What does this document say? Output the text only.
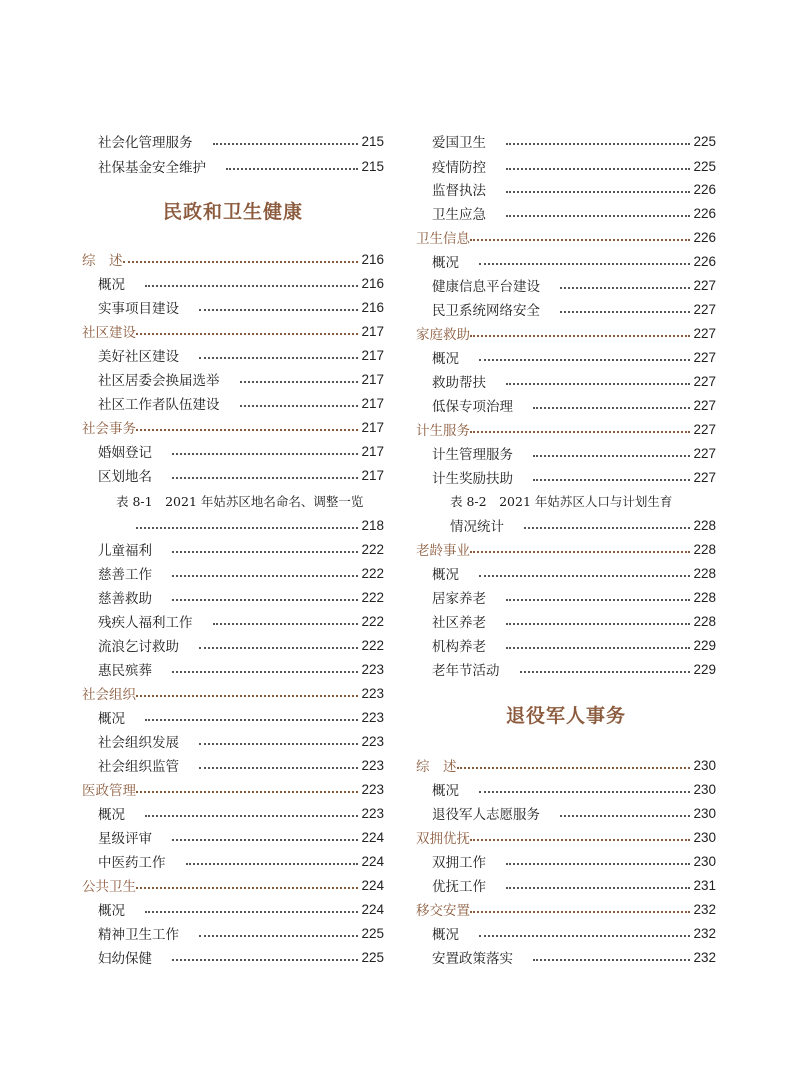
社会化管理服务	215
社保基金安全维护	215
民政和卫生健康
综　述	216
概况	216
实事项目建设	216
社区建设	217
美好社区建设	217
社区居委会换届选举	217
社区工作者队伍建设	217
社会事务	217
婚姻登记	217
区划地名	217
表 8-1　2021 年姑苏区地名命名、调整一览
218
儿童福利	222
慈善工作	222
慈善救助	222
残疾人福利工作	222
流浪乞讨救助	222
惠民殡葬	223
社会组织	223
概况	223
社会组织发展	223
社会组织监管	223
医政管理	223
概况	223
星级评审	224
中医药工作	224
公共卫生	224
概况	224
精神卫生工作	225
妇幼保健	225
爱国卫生	225
疫情防控	225
监督执法	226
卫生应急	226
卫生信息	226
概况	226
健康信息平台建设	227
民卫系统网络安全	227
家庭救助	227
概况	227
救助帮扶	227
低保专项治理	227
计生服务	227
计生管理服务	227
计生奖励扶助	227
表 8-2　2021 年姑苏区人口与计划生育
情况统计	228
老龄事业	228
概况	228
居家养老	228
社区养老	228
机构养老	229
老年节活动	229
退役军人事务
综　述	230
概况	230
退役军人志愿服务	230
双拥优抚	230
双拥工作	230
优抚工作	231
移交安置	232
概况	232
安置政策落实	232
